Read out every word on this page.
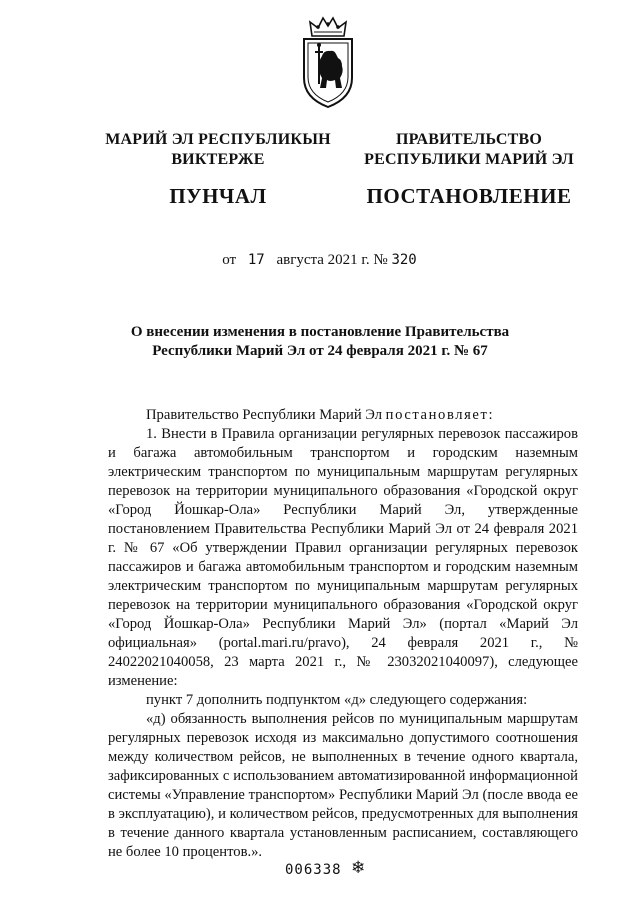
МАРИЙ ЭЛ РЕСПУБЛИКЫН
ВИКТЕРЖЕ
ПУНЧАЛ
ПРАВИТЕЛЬСТВО
РЕСПУБЛИКИ МАРИЙ ЭЛ
ПОСТАНОВЛЕНИЕ
от 17 августа 2021 г. № 320
О внесении изменения в постановление Правительства
Республики Марий Эл от 24 февраля 2021 г. № 67

Правительство Республики Марий Эл постановляет:

1. Внести в Правила организации регулярных перевозок пассажиров и багажа автомобильным транспортом и городским наземным электрическим транспортом по муниципальным маршрутам регулярных перевозок на территории муниципального образования «Городской округ «Город Йошкар-Ола» Республики Марий Эл, утвержденные постановлением Правительства Республики Марий Эл от 24 февраля 2021 г. № 67 «Об утверждении Правил организации регулярных перевозок пассажиров и багажа автомобильным транспортом и городским наземным электрическим транспортом по муниципальным маршрутам регулярных перевозок на территории муниципального образования «Городской округ «Город Йошкар-Ола» Республики Марий Эл» (портал «Марий Эл официальная» (portal.mari.ru/pravo), 24 февраля 2021 г., № 24022021040058, 23 марта 2021 г., № 23032021040097), следующее изменение:

пункт 7 дополнить подпунктом «д» следующего содержания:

«д) обязанность выполнения рейсов по муниципальным маршрутам регулярных перевозок исходя из максимально допустимого соотношения между количеством рейсов, не выполненных в течение одного квартала, зафиксированных с использованием автоматизированной информационной системы «Управление транспортом» Республики Марий Эл (после ввода ее в эксплуатацию), и количеством рейсов, предусмотренных для выполнения в течение данного квартала установленным расписанием, составляющего не более 10 процентов.».

006338 ❄
